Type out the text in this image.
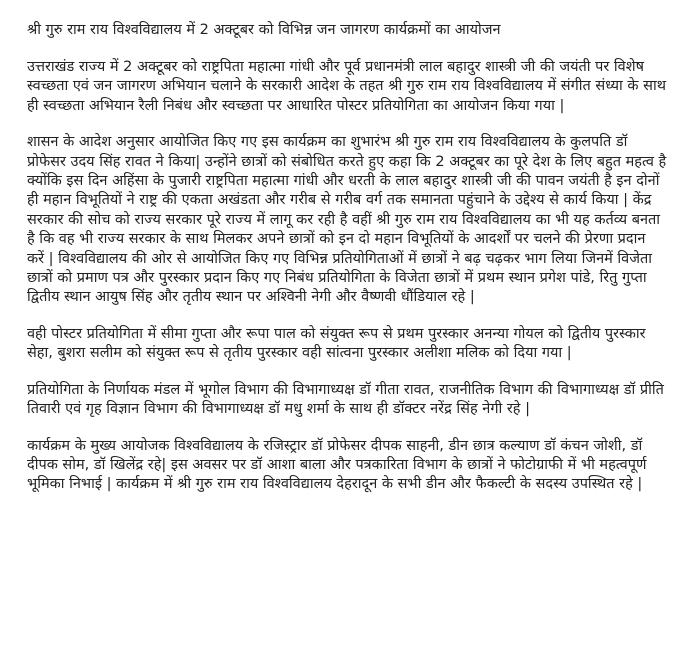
श्री गुरु राम राय विश्वविद्यालय में 2 अक्टूबर को विभिन्न जन जागरण कार्यक्रमों का आयोजन

उत्तराखंड राज्य में 2 अक्टूबर को राष्ट्रपिता महात्मा गांधी और पूर्व प्रधानमंत्री लाल बहादुर शास्त्री जी की जयंती पर विशेष स्वच्छता एवं जन जागरण अभियान चलाने के सरकारी आदेश के तहत श्री गुरु राम राय विश्वविद्यालय में संगीत संध्या के साथ ही स्वच्छता अभियान रैली निबंध और स्वच्छता पर आधारित पोस्टर प्रतियोगिता का आयोजन किया गया |

शासन के आदेश अनुसार आयोजित किए गए इस कार्यक्रम का शुभारंभ श्री गुरु राम राय विश्वविद्यालय के कुलपति डॉ प्रोफेसर उदय सिंह रावत ने किया| उन्होंने छात्रों को संबोधित करते हुए कहा कि 2 अक्टूबर का पूरे देश के लिए बहुत महत्व है क्योंकि इस दिन अहिंसा के पुजारी राष्ट्रपिता महात्मा गांधी और धरती के लाल बहादुर शास्त्री जी की पावन जयंती है इन दोनों ही महान विभूतियों ने राष्ट्र की एकता अखंडता और गरीब से गरीब वर्ग तक समानता पहुंचाने के उद्देश्य से कार्य किया | केंद्र सरकार की सोच को राज्य सरकार पूरे राज्य में लागू कर रही है वहीं श्री गुरु राम राय विश्वविद्यालय का भी यह कर्तव्य बनता है कि वह भी राज्य सरकार के साथ मिलकर अपने छात्रों को इन दो महान विभूतियों के आदर्शों पर चलने की प्रेरणा प्रदान करें | विश्वविद्यालय की ओर से आयोजित किए गए विभिन्न प्रतियोगिताओं में छात्रों ने बढ़ चढ़कर भाग लिया जिनमें विजेता छात्रों को प्रमाण पत्र और पुरस्कार प्रदान किए गए निबंध प्रतियोगिता के विजेता छात्रों में प्रथम स्थान प्रगेश पांडे, रितु गुप्ता द्वितीय स्थान आयुष सिंह और तृतीय स्थान पर अश्विनी नेगी और वैष्णवी धौंडियाल रहे |

वही पोस्टर प्रतियोगिता में सीमा गुप्ता और रूपा पाल को संयुक्त रूप से प्रथम पुरस्कार अनन्या गोयल को द्वितीय पुरस्कार सेहा, बुशरा सलीम को संयुक्त रूप से तृतीय पुरस्कार वही सांत्वना पुरस्कार अलीशा मलिक को दिया गया |

प्रतियोगिता के निर्णायक मंडल में भूगोल विभाग की विभागाध्यक्ष डॉ गीता रावत, राजनीतिक विभाग की विभागाध्यक्ष डॉ प्रीति तिवारी एवं गृह विज्ञान विभाग की विभागाध्यक्ष डॉ मधु शर्मा के साथ ही डॉक्टर नरेंद्र सिंह नेगी रहे |

कार्यक्रम के मुख्य आयोजक विश्वविद्यालय के रजिस्ट्रार डॉ प्रोफेसर दीपक साहनी, डीन छात्र कल्याण डॉ कंचन जोशी, डॉ दीपक सोम, डॉ खिलेंद्र रहे| इस अवसर पर डॉ आशा बाला और पत्रकारिता विभाग के छात्रों ने फोटोग्राफी में भी महत्वपूर्ण भूमिका निभाई | कार्यक्रम में श्री गुरु राम राय विश्वविद्यालय देहरादून के सभी डीन और फैकल्टी के सदस्य उपस्थित रहे |
